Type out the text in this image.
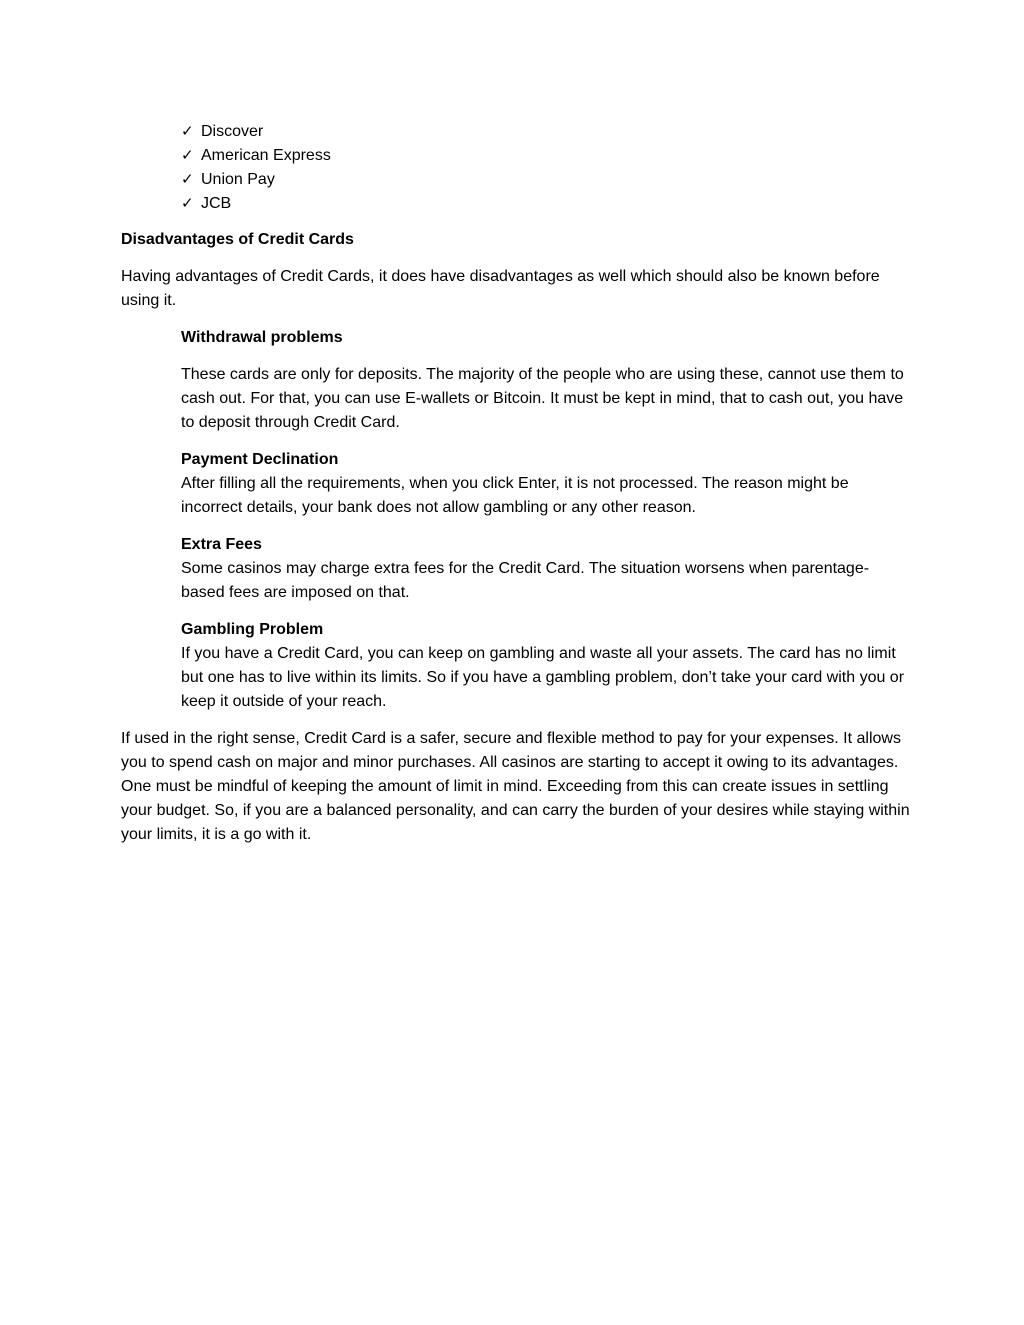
✓ Discover
✓ American Express
✓ Union Pay
✓ JCB
Disadvantages of Credit Cards

Having advantages of Credit Cards, it does have disadvantages as well which should also be known before using it.

Withdrawal problems
These cards are only for deposits. The majority of the people who are using these, cannot use them to cash out. For that, you can use E-wallets or Bitcoin. It must be kept in mind, that to cash out, you have to deposit through Credit Card.
Payment Declination
After filling all the requirements, when you click Enter, it is not processed. The reason might be incorrect details, your bank does not allow gambling or any other reason.
Extra Fees
Some casinos may charge extra fees for the Credit Card. The situation worsens when parentage-based fees are imposed on that.
Gambling Problem
If you have a Credit Card, you can keep on gambling and waste all your assets. The card has no limit but one has to live within its limits. So if you have a gambling problem, don’t take your card with you or keep it outside of your reach.

If used in the right sense, Credit Card is a safer, secure and flexible method to pay for your expenses. It allows you to spend cash on major and minor purchases. All casinos are starting to accept it owing to its advantages. One must be mindful of keeping the amount of limit in mind. Exceeding from this can create issues in settling your budget. So, if you are a balanced personality, and can carry the burden of your desires while staying within your limits, it is a go with it.
